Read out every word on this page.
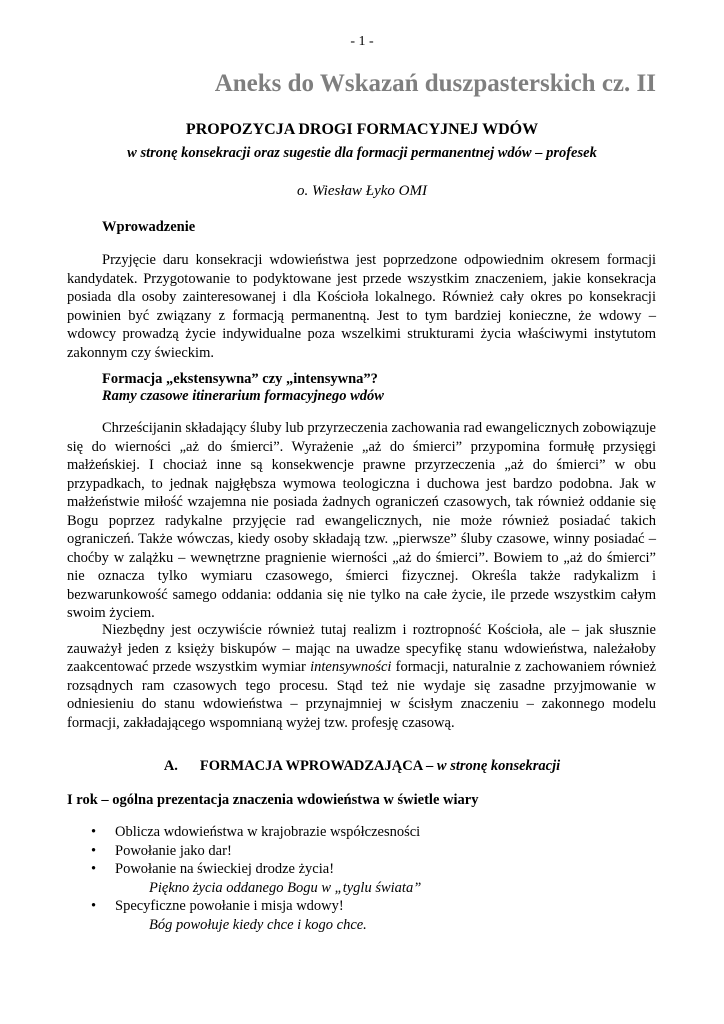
- 1 -
Aneks do Wskazań duszpasterskich cz. II
PROPOZYCJA DROGI FORMACYJNEJ WDÓW
w stronę konsekracji oraz sugestie dla formacji permanentnej wdów – profesek
o. Wiesław Łyko OMI
Wprowadzenie

Przyjęcie daru konsekracji wdowieństwa jest poprzedzone odpowiednim okresem formacji kandydatek. Przygotowanie to podyktowane jest przede wszystkim znaczeniem, jakie konsekracja posiada dla osoby zainteresowanej i dla Kościoła lokalnego. Również cały okres po konsekracji powinien być związany z formacją permanentną. Jest to tym bardziej konieczne, że wdowy – wdowcy prowadzą życie indywidualne poza wszelkimi strukturami życia właściwymi instytutom zakonnym czy świeckim.

Formacja „ekstensywna” czy „intensywna”?
Ramy czasowe itinerarium formacyjnego wdów

Chrześcijanin składający śluby lub przyrzeczenia zachowania rad ewangelicznych zobowiązuje się do wierności „aż do śmierci”. Wyrażenie „aż do śmierci” przypomina formułę przysięgi małżeńskiej. I chociaż inne są konsekwencje prawne przyrzeczenia „aż do śmierci” w obu przypadkach, to jednak najgłębsza wymowa teologiczna i duchowa jest bardzo podobna. Jak w małżeństwie miłość wzajemna nie posiada żadnych ograniczeń czasowych, tak również oddanie się Bogu poprzez radykalne przyjęcie rad ewangelicznych, nie może również posiadać takich ograniczeń. Także wówczas, kiedy osoby składają tzw. „pierwsze” śluby czasowe, winny posiadać – choćby w zalążku – wewnętrzne pragnienie wierności „aż do śmierci”. Bowiem to „aż do śmierci” nie oznacza tylko wymiaru czasowego, śmierci fizycznej. Określa także radykalizm i bezwarunkowość samego oddania: oddania się nie tylko na całe życie, ile przede wszystkim całym swoim życiem.

Niezbędny jest oczywiście również tutaj realizm i roztropność Kościoła, ale – jak słusznie zauważył jeden z księży biskupów – mając na uwadze specyfikę stanu wdowieństwa, należałoby zaakcentować przede wszystkim wymiar intensywności formacji, naturalnie z zachowaniem również rozsądnych ram czasowych tego procesu. Stąd też nie wydaje się zasadne przyjmowanie w odniesieniu do stanu wdowieństwa – przynajmniej w ścisłym znaczeniu – zakonnego modelu formacji, zakładającego wspomnianą wyżej tzw. profesję czasową.

A. FORMACJA WPROWADZAJĄCA – w stronę konsekracji
I rok – ogólna prezentacja znaczenia wdowieństwa w świetle wiary
• Oblicza wdowieństwa w krajobrazie współczesności
• Powołanie jako dar!
• Powołanie na świeckiej drodze życia!
Piękno życia oddanego Bogu w „tyglu świata”
• Specyficzne powołanie i misja wdowy!
Bóg powołuje kiedy chce i kogo chce.
